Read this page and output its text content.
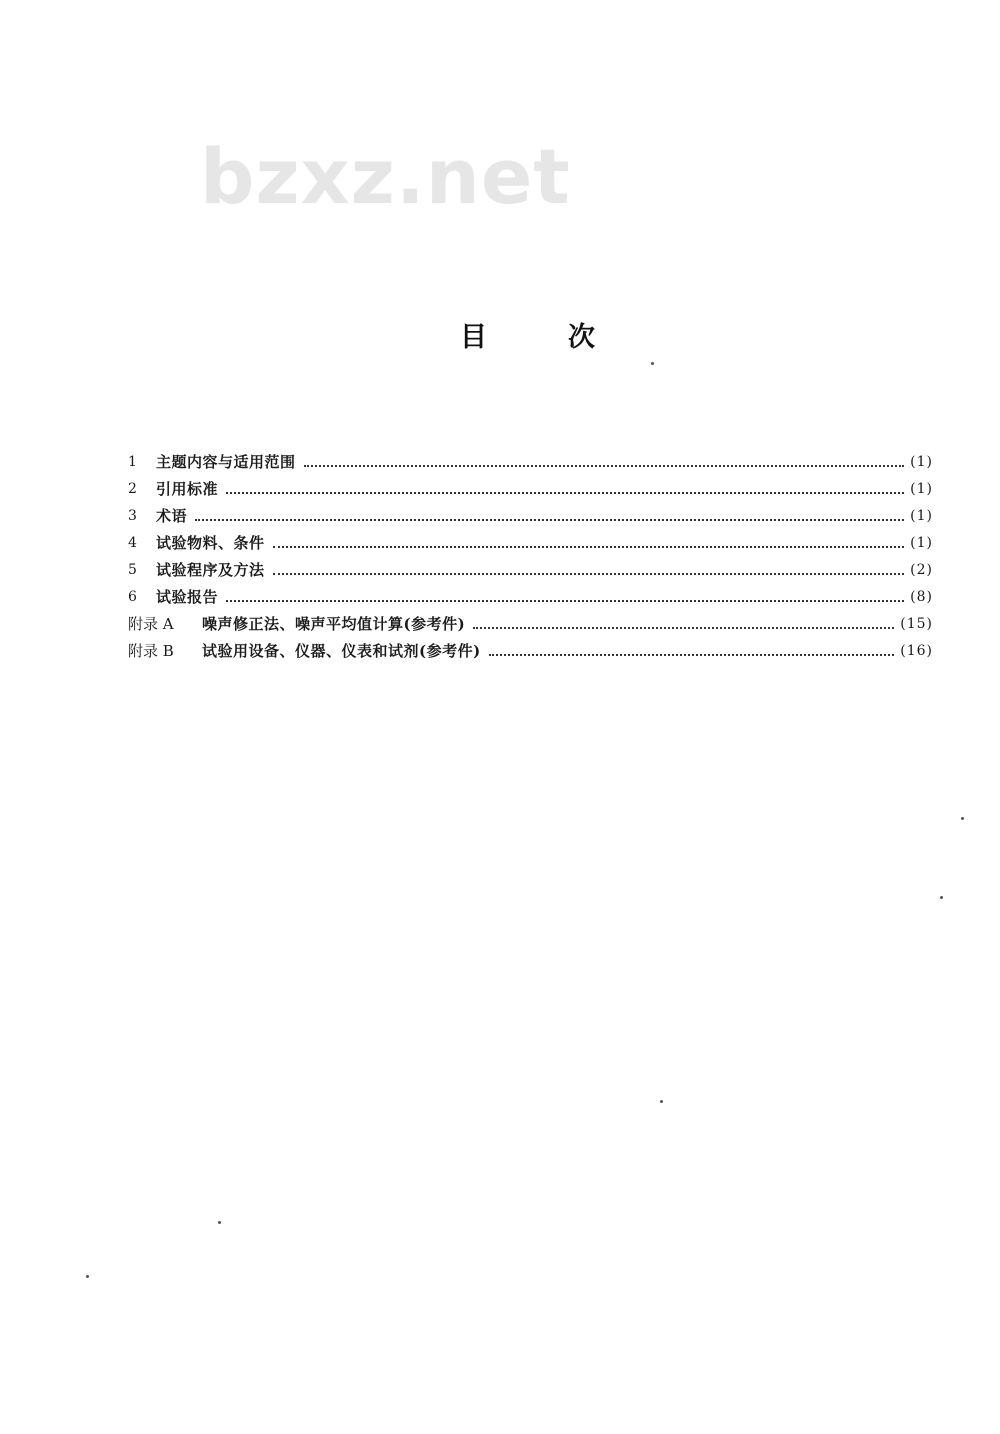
bzxz.net
目	次
1	主题内容与适用范围	(1)
2	引用标准	(1)
3	术语	(1)
4	试验物料、条件	(1)
5	试验程序及方法	(2)
6	试验报告	(8)
附录 A	噪声修正法、噪声平均值计算(参考件)	(15)
附录 B	试验用设备、仪器、仪表和试剂(参考件)	(16)
